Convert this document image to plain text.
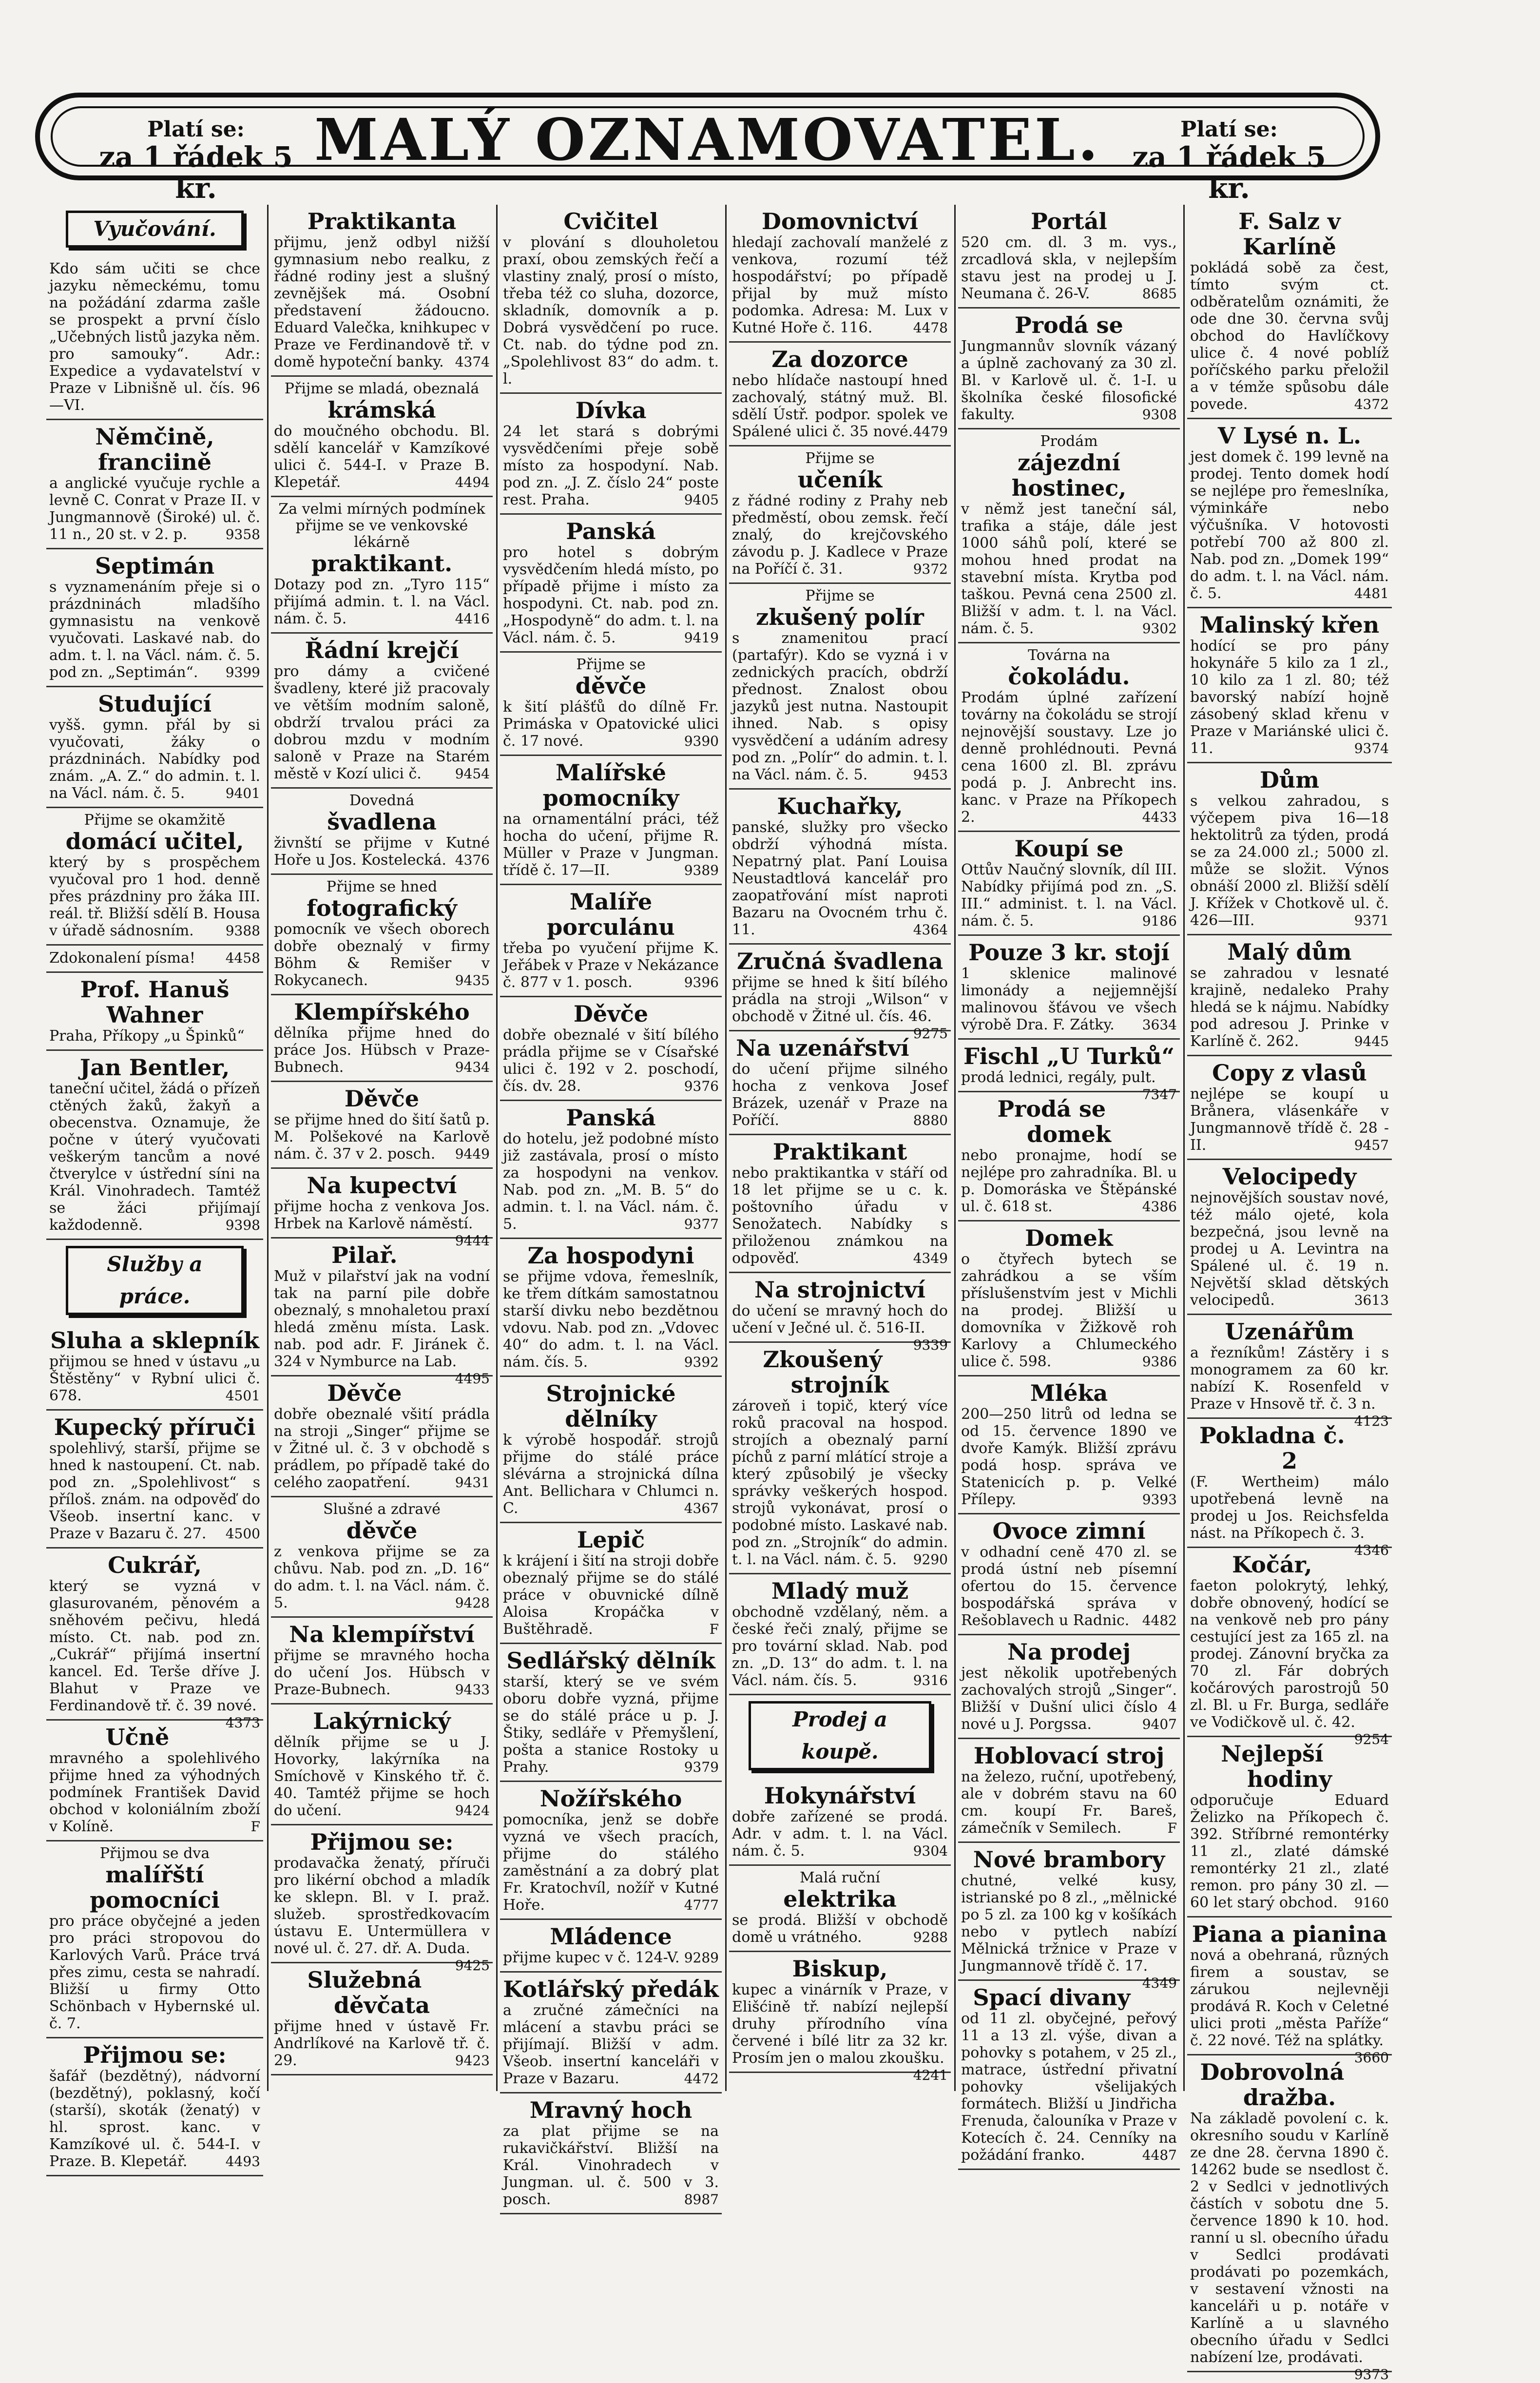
Platí se:
za 1 řádek 5 kr.
MALÝ OZNAMOVATEL.	Platí se:
za 1 řádek 5 kr.
Vyučování.
Kdo sám učiti se chce jazyku německému, tomu na požádání zdarma zašle se prospekt a první číslo „Učebných listů jazyka něm. pro samouky“. Adr.: Expedice a vydavatelství v Praze v Libnišně ul. čís. 96—VI.
Němčině, franciině
a anglické vyučuje rychle a levně C. Conrat v Praze II. v Jungmannově (Široké) ul. č. 11 n., 20 st. v 2. p.	9358
Septimán
s vyznamenáním přeje si o prázdninách mladšího gymnasistu na venkově vyučovati. Laskavé nab. do adm. t. l. na Václ. nám. č. 5. pod zn. „Septimán“. 9399
Studující
vyšš. gymn. přál by si vyučovati, žáky o prázdninách. Nabídky pod znám. „A. Z.“ do admin. t. l. na Václ. nám. č. 5.	9401
Přijme se okamžitě
domácí učitel,
který by s prospěchem vyučoval pro 1 hod. denně přes prázdniny pro žáka III. reál. tř. Bližší sdělí B. Housa v úřadě sádnosním. 9388
Zdokonalení písma! 4458
Prof. Hanuš Wahner
Praha, Příkopy „u Špinků“
Jan Bentler,
taneční učitel, žádá o přízeň ctěných žaků, žakyň a obecenstva. Oznamuje, že počne v úterý vyučovati veškerým tancům a nové čtverylce v ústřední síni na Král. Vinohradech. Tamtéž se žáci přijímají každodenně.	9398
Služby a práce.
Sluha a sklepník
přijmou se hned v ústavu „u Štěstěny“ v Rybní ulici č. 678.	4501
Kupecký příruči
spolehlivý, starší, přijme se hned k nastoupení. Ct. nab. pod zn. „Spolehlivost“ s příloš. znám. na odpověď do Všeob. insertní kanc. v Praze v Bazaru č. 27. 4500
Cukrář,
který se vyzná v glasurovaném, pěnovém a sněhovém pečivu, hledá místo. Ct. nab. pod zn. „Cukrář“ přijímá insertní kancel. Ed. Terše dříve J. Blahut v Praze ve Ferdinandově tř. č. 39 nové.
4373
Učně
mravného a spolehlivého přijme hned za výhodných podmínek František David obchod v koloniálním zboží v Kolíně.	F
Přijmou se dva
malířští pomocníci
pro práce obyčejné a jeden pro práci stropovou do Karlových Varů. Práce trvá přes zimu, cesta se nahradí. Bližší u firmy Otto Schönbach v Hybernské ul. č. 7.
Přijmou se:
šafář (bezdětný), nádvorní (bezdětný), poklasný, kočí (starší), skoták (ženatý) v hl. sprost. kanc. v Kamzíkové ul. č. 544-I. v Praze. B. Klepetář.	4493
Praktikanta
přijmu, jenž odbyl nižší gymnasium nebo realku, z řádné rodiny jest a slušný zevnějšek má. Osobní představení žádoucno. Eduard Valečka, knihkupec v Praze ve Ferdinandově tř. v domě hypoteční banky. 4374
Přijme se mladá, obeznalá
krámská
do moučného obchodu. Bl. sdělí kancelář v Kamzíkové ulici č. 544-I. v Praze B. Klepetář.	4494
Za velmi mírných podmínek přijme se ve venkovské lékárně
praktikant.
Dotazy pod zn. „Tyro 115“ přijímá admin. t. l. na Václ. nám. č. 5.	4416
Řádní krejčí
pro dámy a cvičené švadleny, které již pracovaly ve větším modním saloně, obdrží trvalou práci za dobrou mzdu v modním saloně v Praze na Starém městě v Kozí ulici č. 9454
Dovedná
švadlena
živnští se přijme v Kutné Hoře u Jos. Kostelecká. 4376
Přijme se hned
fotografický
pomocník ve všech oborech dobře obeznalý v firmy Böhm & Remišer v Rokycanech.	9435
Klempířského
dělníka přijme hned do práce Jos. Hübsch v Praze-Bubnech.	9434
Děvče
se přijme hned do šití šatů p. M. Polšekové na Karlově nám. č. 37 v 2. posch. 9449
Na kupectví
přijme hocha z venkova Jos. Hrbek na Karlově náměstí.
9444
Pilař.
Muž v pilařství jak na vodní tak na parní pile dobře obeznalý, s mnohaletou praxí hledá změnu místa. Lask. nab. pod adr. F. Jiránek č. 324 v Nymburce na Lab.
4495
Děvče
dobře obeznalé všití prádla na stroji „Singer“ přijme se v Žitné ul. č. 3 v obchodě s prádlem, po případě také do celého zaopatření.	9431
Slušné a zdravé
děvče
z venkova přijme se za chůvu. Nab. pod zn. „D. 16“ do adm. t. l. na Václ. nám. č. 5.	9428
Na klempířství
přijme se mravného hocha do učení Jos. Hübsch v Praze-Bubnech.	9433
Lakýrnický
dělník přijme se u J. Hovorky, lakýrníka na Smíchově v Kinského tř. č. 40. Tamtéž přijme se hoch do učení.	9424
Přijmou se:
prodavačka ženatý, příruči pro likérní obchod a mladík ke sklepn. Bl. v I. praž. služeb. sprostředkovacím ústavu E. Untermüllera v nové ul. č. 27. dř. A. Duda.
9425
Služebná děvčata
přijme hned v ústavě Fr. Andrlíkové na Karlově tř. č. 29.	9423
Cvičitel
v plování s dlouholetou praxí, obou zemských řečí a vlastiny znalý, prosí o místo, třeba též co sluha, dozorce, skladník, domovník a p. Dobrá vysvědčení po ruce. Ct. nab. do týdne pod zn. „Spolehlivost 83“ do adm. t. l.
Dívka
24 let stará s dobrými vysvědčeními přeje sobě místo za hospodyní. Nab. pod zn. „J. Z. číslo 24“ poste rest. Praha.	9405
Panská
pro hotel s dobrým vysvědčením hledá místo, po případě přijme i místo za hospodyni. Ct. nab. pod zn. „Hospodyně“ do adm. t. l. na Václ. nám. č. 5.	9419
Přijme se
děvče
k šití plášťů do dílně Fr. Primáska v Opatovické ulici č. 17 nové.	9390
Malířské pomocníky
na ornamentální práci, též hocha do učení, přijme R. Müller v Praze v Jungman. třídě č. 17—II.	9389
Malíře porculánu
třeba po vyučení přijme K. Jeřábek v Praze v Nekázance č. 877 v 1. posch.	9396
Děvče
dobře obeznalé v šití bílého prádla přijme se v Císařské ulici č. 192 v 2. poschodí, čís. dv. 28.	9376
Panská
do hotelu, jež podobné místo již zastávala, prosí o místo za hospodyni na venkov. Nab. pod zn. „M. B. 5“ do admin. t. l. na Václ. nám. č. 5.	9377
Za hospodyni
se přijme vdova, řemeslník, ke třem dítkám samostatnou starší divku nebo bezdětnou vdovu. Nab. pod zn. „Vdovec 40“ do adm. t. l. na Václ. nám. čís. 5.	9392
Strojnické dělníky
k výrobě hospodář. strojů přijme do stálé práce slévárna a strojnická dílna Ant. Bellichara v Chlumci n. C.	4367
Lepič
k krájení i šití na stroji dobře obeznalý přijme se do stálé práce v obuvnické dílně Aloisa Kropáčka v Buštěhradě.	F
Sedlářský dělník
starší, který se ve svém oboru dobře vyzná, přijme se do stálé práce u p. J. Štiky, sedláře v Přemyšlení, pošta a stanice Rostoky u Prahy.	9379
Nožířského
pomocníka, jenž se dobře vyzná ve všech pracích, přijme do stálého zaměstnání a za dobrý plat Fr. Kratochvíl, nožíř v Kutné Hoře.	4777
Mládence
přijme kupec v č. 124-V. 9289
Kotlářský předák
a zručné zámečníci na mlácení a stavbu práci se přijímají. Bližší v adm. Všeob. insertní kanceláři v Praze v Bazaru.	4472
Mravný hoch
za plat přijme se na rukavičkářství. Bližší na Král. Vinohradech v Jungman. ul. č. 500 v 3. posch.	8987
Domovnictví
hledají zachovalí manželé z venkova, rozumí též hospodářství; po případě přijal by muž místo podomka. Adresa: M. Lux v Kutné Hoře č. 116.	4478
Za dozorce
nebo hlídače nastoupí hned zachovalý, státný muž. Bl. sdělí Ústř. podpor. spolek ve Spálené ulici č. 35 nové. 4479
Přijme se
učeník
z řádné rodiny z Prahy neb předměstí, obou zemsk. řečí znalý, do krejčovského závodu p. J. Kadlece v Praze na Poříčí č. 31.	9372
Přijme se
zkušený polír
s znamenitou prací (partafýr). Kdo se vyzná i v zednických pracích, obdrží přednost. Znalost obou jazyků jest nutna. Nastoupit ihned. Nab. s opisy vysvědčení a udáním adresy pod zn. „Polír“ do admin. t. l. na Václ. nám. č. 5.	9453
Kuchařky,
panské, služky pro všecko obdrží výhodná místa. Nepatrný plat. Paní Louisa Neustadtlová kancelář pro zaopatřování míst naproti Bazaru na Ovocném trhu č. 11.	4364
Zručná švadlena
přijme se hned k šití bílého prádla na stroji „Wilson“ v obchodě v Žitné ul. čís. 46.
9275
Na uzenářství
do učení přijme silného hocha z venkova Josef Brázek, uzenář v Praze na Poříčí.	8880
Praktikant
nebo praktikantka v stáří od 18 let přijme se u c. k. poštovního úřadu v Senožatech. Nabídky s přiloženou známkou na odpověď.	4349
Na strojnictví
do učení se mravný hoch do učení v Ječné ul. č. 516-II.
9339
Zkoušený strojník
zároveň i topič, který více roků pracoval na hospod. strojích a obeznalý parní píchů z parní mlátící stroje a který způsobilý je všecky správky veškerých hospod. strojů vykonávat, prosí o podobné místo. Laskavé nab. pod zn. „Strojník“ do admin. t. l. na Václ. nám. č. 5. 9290
Mladý muž
obchodně vzdělaný, něm. a české řeči znalý, přijme se pro tovární sklad. Nab. pod zn. „D. 13“ do adm. t. l. na Václ. nám. čís. 5.	9316
Prodej a koupě.
Hokynářství
dobře zařízené se prodá. Adr. v adm. t. l. na Václ. nám. č. 5.	9304
Malá ruční
elektrika
se prodá. Bližší v obchodě domě u vrátného.	9288
Biskup,
kupec a vinárník v Praze, v Elišćině tř. nabízí nejlepší druhy přírodního vína červené i bílé litr za 32 kr. Prosím jen o malou zkoušku.
4241
Portál
520 cm. dl. 3 m. vys., zrcadlová skla, v nejlepším stavu jest na prodej u J. Neumana č. 26-V.	8685
Prodá se
Jungmannův slovník vázaný a úplně zachovaný za 30 zl. Bl. v Karlově ul. č. 1-I. u školníka české filosofické fakulty.	9308
Prodám
zájezdní hostinec,
v němž jest taneční sál, trafika a stáje, dále jest 1000 sáhů polí, které se mohou hned prodat na stavební místa. Krytba pod taškou. Pevná cena 2500 zl. Bližší v adm. t. l. na Václ. nám. č. 5.	9302
Továrna na
čokoládu.
Prodám úplné zařízení továrny na čokoládu se strojí nejnovější soustavy. Lze jo denně prohlédnouti. Pevná cena 1600 zl. Bl. zprávu podá p. J. Anbrecht ins. kanc. v Praze na Příkopech 2.	4433
Koupí se
Ottův Naučný slovník, díl III. Nabídky přijímá pod zn. „S. III.“ administ. t. l. na Václ. nám. č. 5.	9186
Pouze 3 kr. stojí
1 sklenice malinové limonády a nejjemnější malinovou šťávou ve všech výrobě Dra. F. Zátky. 3634
Fischl „U Turků“
prodá lednici, regály, pult.
7347
Prodá se domek
nebo pronajme, hodí se nejlépe pro zahradníka. Bl. u p. Domoráska ve Štěpánské ul. č. 618 st.	4386
Domek
o čtyřech bytech se zahrádkou a se vším příslušenstvím jest v Michli na prodej. Bližší u domovníka v Žižkově roh Karlovy a Chlumeckého ulice č. 598.	9386
Mléka
200—250 litrů od ledna se od 15. července 1890 ve dvoře Kamýk. Bližší zprávu podá hosp. správa ve Statenicích p. p. Velké Přílepy.	9393
Ovoce zimní
v odhadní ceně 470 zl. se prodá ústní neb písemní ofertou do 15. července bospodářská správa v Rešoblavech u Radnic. 4482
Na prodej
jest několik upotřebených zachovalých strojů „Singer“. Bližší v Dušní ulici číslo 4 nové u J. Porgssa.	9407
Hoblovací stroj
na železo, ruční, upotřebený, ale v dobrém stavu na 60 cm. koupí Fr. Bareš, zámečník v Semilech.	F
Nové brambory
chutné, velké kusy, istrianské po 8 zl., „mělnické po 5 zl. za 100 kg v košíkách nebo v pytlech nabízí Mělnická tržnice v Praze v Jungmannově třídě č. 17.
4349
Spací divany
od 11 zl. obyčejné, peřový 11 a 13 zl. výše, divan a pohovky s potahem, v 25 zl., matrace, ústřední přivatní pohovky všelijakých formátech. Bližší u Jindřicha Frenuda, čalouníka v Praze v Kotecích č. 24. Cenníky na požádání franko.	4487
F. Salz v Karlíně
pokládá sobě za čest, tímto svým ct. odběratelům oznámiti, že ode dne 30. června svůj obchod do Havlíčkovy ulice č. 4 nové poblíž poříčského parku přeložil a v témže spůsobu dále povede.	4372
V Lysé n. L.
jest domek č. 199 levně na prodej. Tento domek hodí se nejlépe pro řemeslníka, výminkáře nebo výčušníka. V hotovosti potřebí 700 až 800 zl. Nab. pod zn. „Domek 199“ do adm. t. l. na Václ. nám. č. 5.	4481
Malinský křen
hodící se pro pány hokynáře 5 kilo za 1 zl., 10 kilo za 1 zl. 80; též bavorský nabízí hojně zásobený sklad křenu v Praze v Mariánské ulici č. 11.	9374
Dům
s velkou zahradou, s výčepem piva 16—18 hektolitrů za týden, prodá se za 24.000 zl.; 5000 zl. může se složit. Výnos obnáší 2000 zl. Bližší sdělí J. Křížek v Chotkově ul. č. 426—III.	9371
Malý dům
se zahradou v lesnaté krajině, nedaleko Prahy hledá se k nájmu. Nabídky pod adresou J. Prinke v Karlíně č. 262.	9445
Copy z vlasů
nejlépe se koupí u Brånera, vlásenkáře v Jungmannově třídě č. 28 -II.	9457
Velocipedy
nejnovějších soustav nové, též málo ojeté, kola bezpečná, jsou levně na prodej u A. Levintra na Spálené ul. č. 19 n. Největší sklad dětských velocipedů.	3613
Uzenářům
a řezníkům! Zástěry i s monogramem za 60 kr. nabízí K. Rosenfeld v Praze v Hnsově tř. č. 3 n.
4123
Pokladna č. 2
(F. Wertheim) málo upotřebená levně na prodej u Jos. Reichsfelda nást. na Příkopech č. 3.
4346
Kočár,
faeton polokrytý, lehký, dobře obnovený, hodící se na venkově neb pro pány cestující jest za 165 zl. na prodej. Zánovní bryčka za 70 zl. Fár dobrých kočárových parostrojů 50 zl. Bl. u Fr. Burga, sedláře ve Vodičkově ul. č. 42.
9254
Nejlepší hodiny
odporučuje Eduard Želizko na Příkopech č. 392. Stříbrné remontérky 11 zl., zlaté dámské remontérky 21 zl., zlaté remon. pro pány 30 zl. — 60 let starý obchod. 9160
Piana a pianina
nová a obehraná, různých firem a soustav, se zárukou nejlevněji prodává R. Koch v Celetné ulici proti „města Paříže“ č. 22 nové. Též na splátky.
3660
Dobrovolná dražba.
Na základě povolení c. k. okresního soudu v Karlíně ze dne 28. června 1890 č. 14262 bude se nsedlost č. 2 v Sedlci v jednotlivých částích v sobotu dne 5. července 1890 k 10. hod. ranní u sl. obecního úřadu v Sedlci prodávati prodávati po pozemkách, v sestavení vžnosti na kanceláři u p. notáře v Karlíně a u slavného obecního úřadu v Sedlci nabízení lze, prodávati.
9373
